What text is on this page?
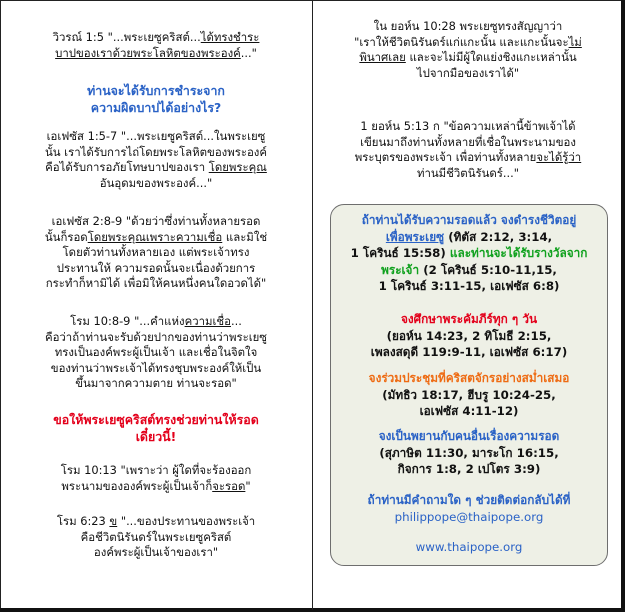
วิวรณ์ 1:5 "...พระเยซูคริสต์...ได้ทรงชำระ
บาปของเราด้วยพระโลหิตของพระองค์..."
ท่านจะได้รับการชำระจาก
ความผิดบาปได้อย่างไร?
เอเฟซัส 1:5-7 "...พระเยซูคริสต์...ในพระเยซู
นั้น เราได้รับการไถ่โดยพระโลหิตของพระองค์
คือได้รับการอภัยโทษบาปของเรา โดยพระคุณ
อันอุดมของพระองค์..."
เอเฟซัส 2:8-9 "ด้วยว่าซึ่งท่านทั้งหลายรอด
นั้นก็รอดโดยพระคุณเพราะความเชื่อ และมิใช่
โดยตัวท่านทั้งหลายเอง แต่พระเจ้าทรง
ประทานให้ ความรอดนั้นจะเนื่องด้วยการ
กระทำก็หามิได้ เพื่อมิให้คนหนึ่งคนใดอวดได้"
โรม 10:8-9 "...คำแห่งความเชื่อ...
คือว่าถ้าท่านจะรับด้วยปากของท่านว่าพระเยซู
ทรงเป็นองค์พระผู้เป็นเจ้า และเชื่อในจิตใจ
ของท่านว่าพระเจ้าได้ทรงชุบพระองค์ให้เป็น
ขึ้นมาจากความตาย ท่านจะรอด"
ขอให้พระเยซูคริสต์ทรงช่วยท่านให้รอด
เดี๋ยวนี้!
โรม 10:13 "เพราะว่า ผู้ใดที่จะร้องออก
พระนามขององค์พระผู้เป็นเจ้าก็จะรอด"
โรม 6:23 ข "...ของประทานของพระเจ้า
คือชีวิตนิรันดร์ในพระเยซูคริสต์
องค์พระผู้เป็นเจ้าของเรา"
ใน ยอห์น 10:28 พระเยซูทรงสัญญาว่า
"เราให้ชีวิตนิรันดร์แก่แกะนั้น และแกะนั้นจะไม่
พินาศเลย และจะไม่มีผู้ใดแย่งชิงแกะเหล่านั้น
ไปจากมือของเราได้"
1 ยอห์น 5:13 ก "ข้อความเหล่านี้ข้าพเจ้าได้
เขียนมาถึงท่านทั้งหลายที่เชื่อในพระนามของ
พระบุตรของพระเจ้า เพื่อท่านทั้งหลายจะได้รู้ว่า
ท่านมีชีวิตนิรันดร์..."
ถ้าท่านได้รับความรอดแล้ว จงดำรงชีวิตอยู่
เพื่อพระเยซู (ทิตัส 2:12, 3:14,
1 โครินธ์ 15:58) และท่านจะได้รับรางวัลจาก
พระเจ้า (2 โครินธ์ 5:10-11,15,
1 โครินธ์ 3:11-15, เอเฟซัส 6:8)
จงศึกษาพระคัมภีร์ทุก ๆ วัน
(ยอห์น 14:23, 2 ทิโมธี 2:15,
เพลงสดุดี 119:9-11, เอเฟซัส 6:17)
จงร่วมประชุมที่คริสตจักรอย่างสม่ำเสมอ
(มัทธิว 18:17, ฮีบรู 10:24-25,
เอเฟซัส 4:11-12)
จงเป็นพยานกับคนอื่นเรื่องความรอด
(สุภาษิต 11:30, มาระโก 16:15,
กิจการ 1:8, 2 เปโตร 3:9)
ถ้าท่านมีคำถามใด ๆ ช่วยติดต่อกลับได้ที่
philippope@thaipope.org
www.thaipope.org
